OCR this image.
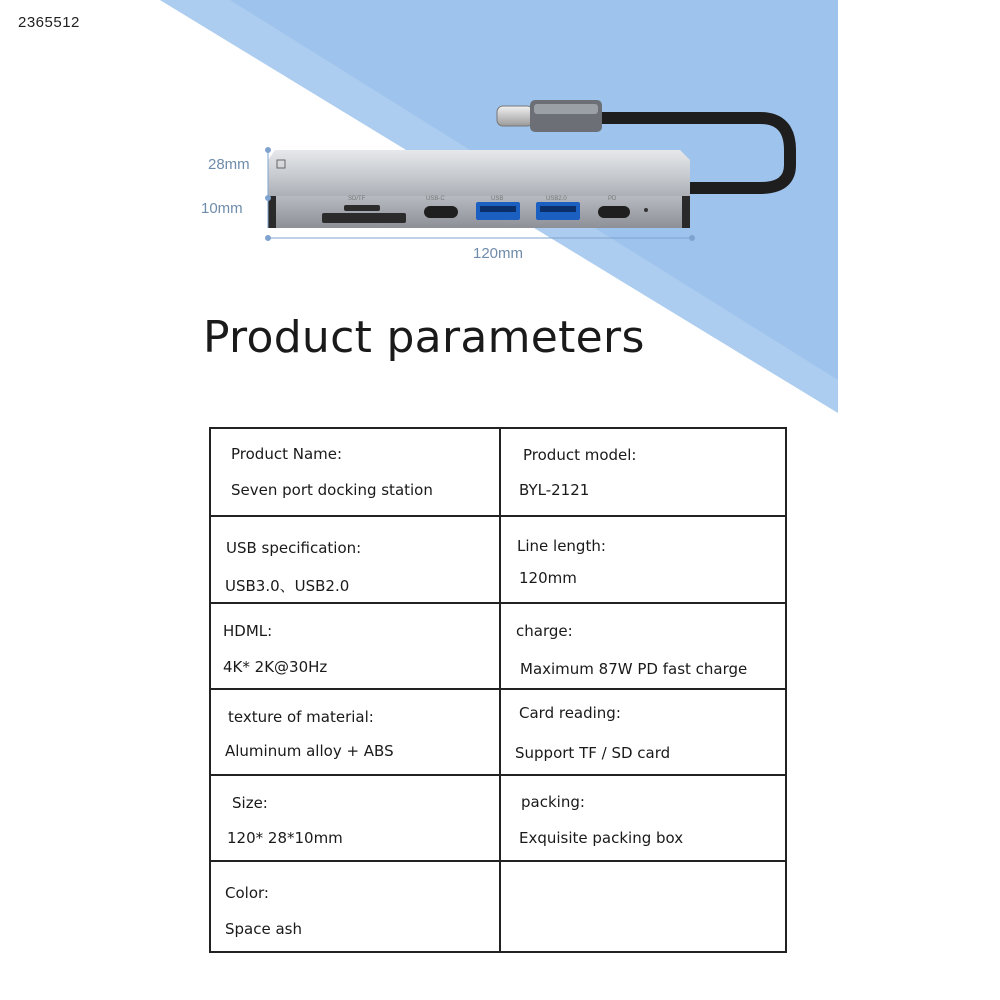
2365512
SD/TF	USB-C	USB	USB2.0	PD
28mm
10mm
120mm
Product parameters
Product Name:
Seven port docking station
Product model:
BYL-2121
USB specification:
USB3.0、USB2.0
Line length:
120mm
HDML:
4K* 2K@30Hz
charge:
Maximum 87W PD fast charge
texture of material:
Aluminum alloy + ABS
Card reading:
Support TF / SD card
Size:
120* 28*10mm
packing:
Exquisite packing box
Color:
Space ash
